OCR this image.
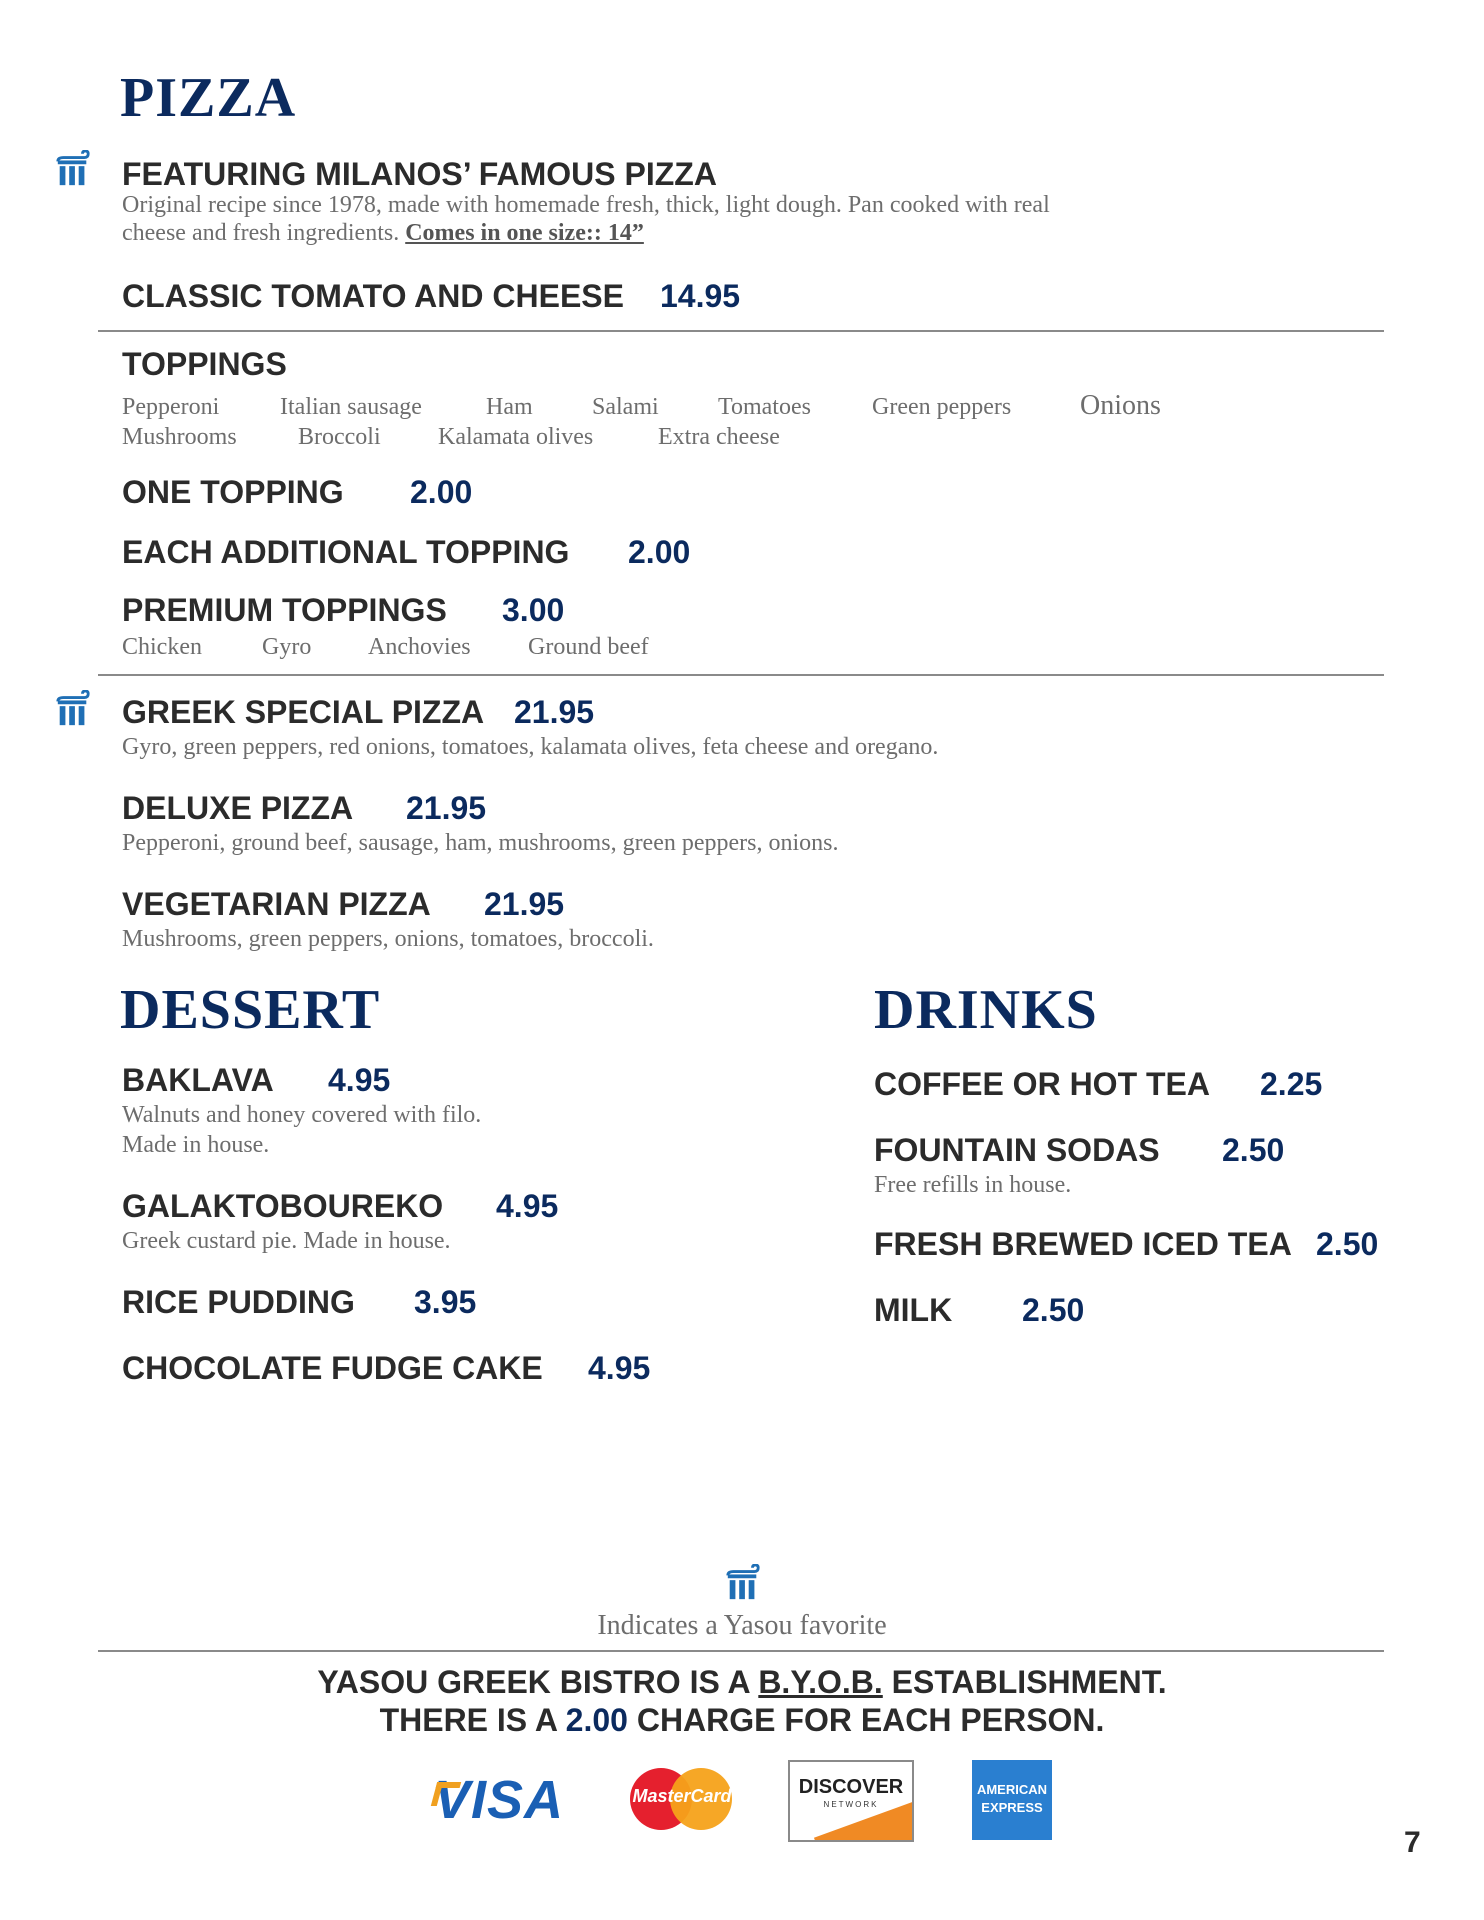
PIZZA
FEATURING MILANOS’ FAMOUS PIZZA
Original recipe since 1978, made with homemade fresh, thick, light dough. Pan cooked with real
cheese and fresh ingredients. Comes in one size:: 14”
CLASSIC TOMATO AND CHEESE 14.95
TOPPINGS
Pepperoni	Italian sausage	Ham Salami Tomatoes	Green peppers Onions
Mushrooms	Broccoli Kalamata olives	Extra cheese
ONE TOPPING 2.00
EACH ADDITIONAL TOPPING 2.00
PREMIUM TOPPINGS 3.00
Chicken	Gyro Anchovies Ground beef
GREEK SPECIAL PIZZA 21.95
Gyro, green peppers, red onions, tomatoes, kalamata olives, feta cheese and oregano.
DELUXE PIZZA 21.95
Pepperoni, ground beef, sausage, ham, mushrooms, green peppers, onions.
VEGETARIAN PIZZA 21.95
Mushrooms, green peppers, onions, tomatoes, broccoli.
DESSERT
BAKLAVA 4.95
Walnuts and honey covered with filo.
Made in house.
GALAKTOBOUREKO 4.95
Greek custard pie. Made in house.
RICE PUDDING 3.95
CHOCOLATE FUDGE CAKE 4.95
DRINKS
COFFEE OR HOT TEA 2.25
FOUNTAIN SODAS 2.50
Free refills in house.
FRESH BREWED ICED TEA 2.50
MILK 2.50
Indicates a Yasou favorite
YASOU GREEK BISTRO IS A B.Y.O.B. ESTABLISHMENT.
THERE IS A 2.00 CHARGE FOR EACH PERSON.
VISA	MasterCard	DISCOVER
NETWORK
AMERICAN
EXPRESS
7
